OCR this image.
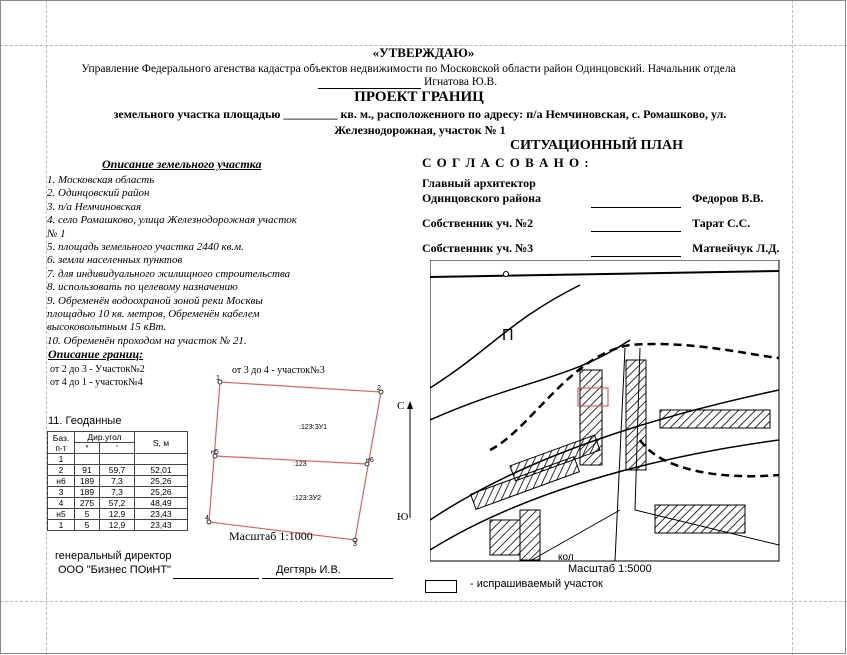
«УТВЕРЖДАЮ»
Управление Федерального агенства кадастра объектов недвижимости по Московской области район Одинцовский. Начальник отдела
Игнатова Ю.В.
ПРОЕКТ ГРАНИЦ
земельного участка площадью _________ кв. м., расположенного по адресу: п/а Немчиновская, с. Ромашково, ул.
Железнодорожная, участок № 1
Описание земельного участка
1. Московская область
2. Одинцовский район
3. п/а Немчиновская
4. село Ромашково, улица Железнодорожная участок № 1
5. площадь земельного участка 2440 кв.м.
6. земли населенных пунктов
7. для индивидуального жилищного строительства
8. использовать по целевому назначению
9. Обременён водоохраной зоной реки Москвы площадью 10 кв. метров, Обременён кабелем высоковольтным 15 кВт.
10. Обременён проходом на участок № 21.
Описание границ:
от 2 до 3 - Участок№2
от 4 до 1 - участок№4
от 3 до 4 - участок№3
11. Геоданные
Баз. п-т	Дир.угол		S, м
	°	'	
1			
2	91	59,7	52,01
н6	189	7,3	25,26
3	189	7,3	25,26
4	275	57,2	48,49
н5	5	12,9	23,43
1	5	12,9	23,43
1
2
н5
н6
4
3
:123:ЗУ1
:123
:123:ЗУ2
Масштаб 1:1000
С
Ю
генеральный директор
ООО "Бизнес ПОиНТ"	Дегтярь И.В.
СИТУАЦИОННЫЙ ПЛАН
С О Г Л А С О В А Н О :
Главный архитектор
Одинцовского района	Федоров В.В.
Собственник уч. №2	Тарат С.С.
Собственник уч. №3	Матвейчук Л.Д.
П
кол
Масштаб 1:5000
- испрашиваемый участок
